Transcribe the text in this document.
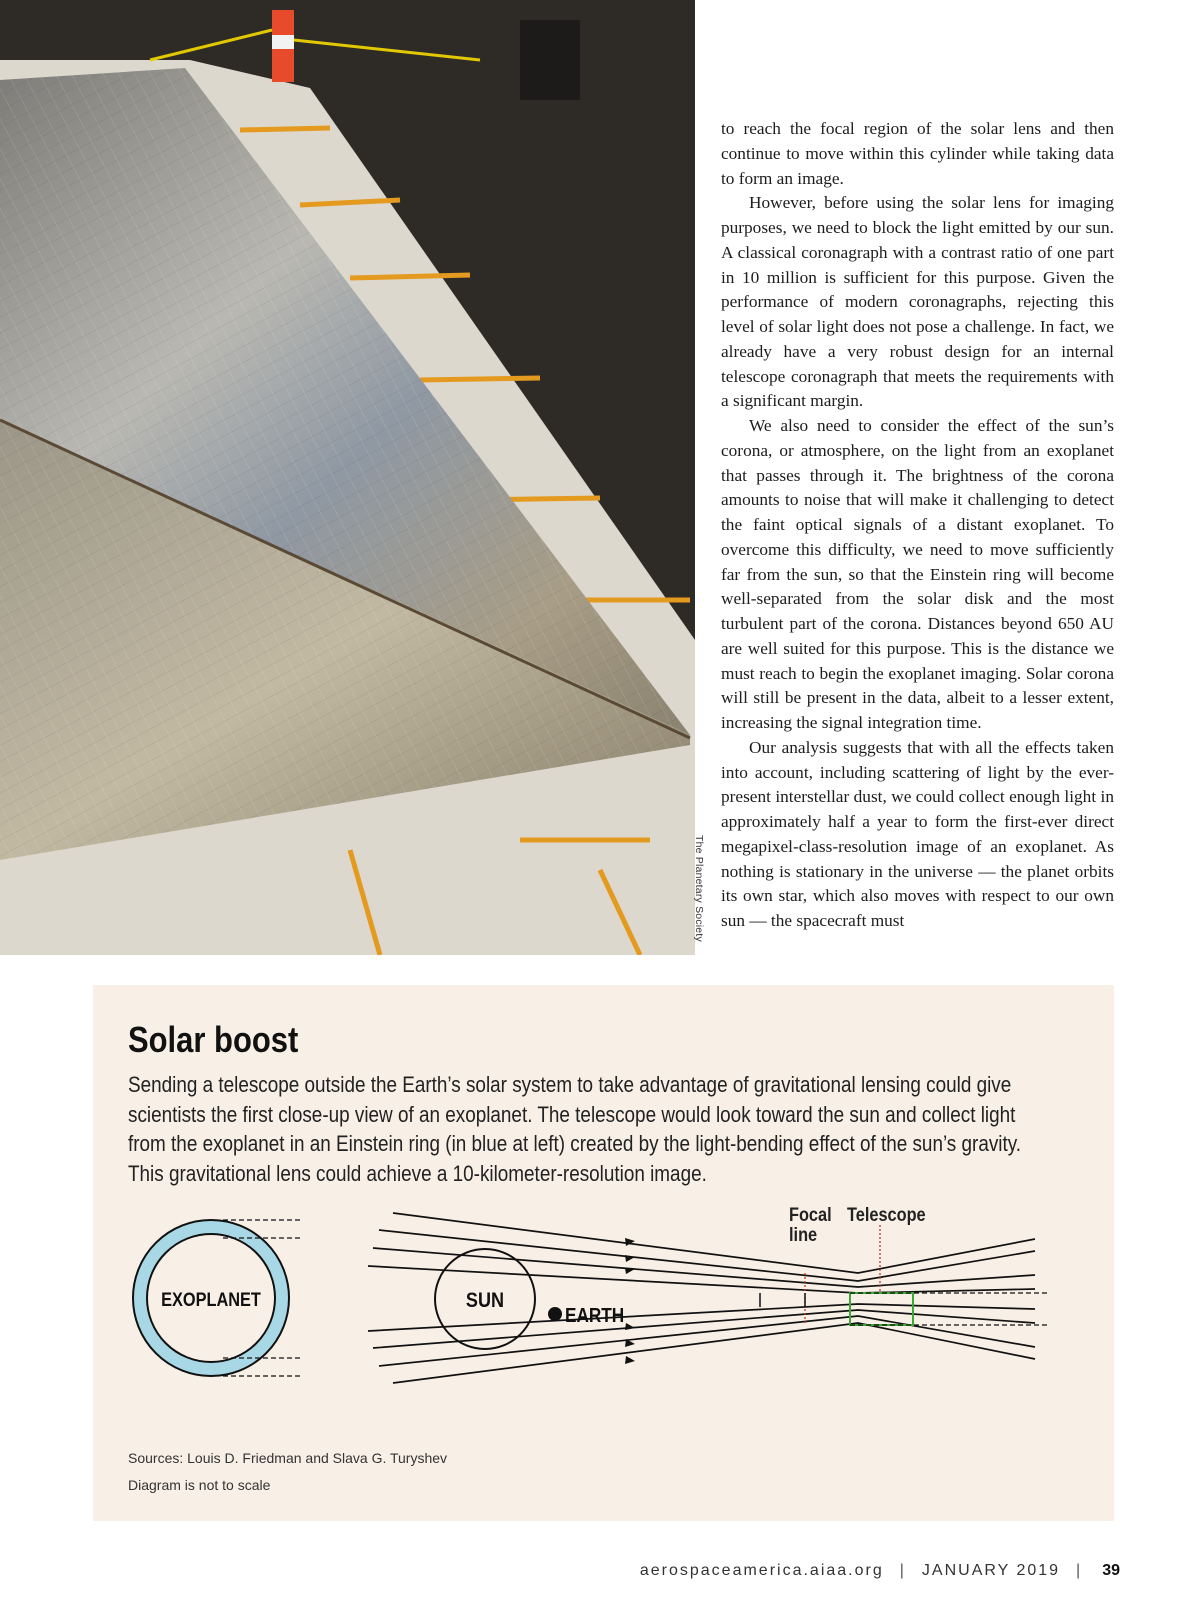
The Planetary Society

to reach the focal region of the solar lens and then continue to move within this cylinder while taking data to form an image.

However, before using the solar lens for imaging purposes, we need to block the light emitted by our sun. A classical coronagraph with a contrast ratio of one part in 10 million is sufficient for this purpose. Given the performance of modern coronagraphs, rejecting this level of solar light does not pose a challenge. In fact, we already have a very robust design for an internal telescope coronagraph that meets the requirements with a significant margin.

We also need to consider the effect of the sun’s corona, or atmosphere, on the light from an exoplanet that passes through it. The brightness of the corona amounts to noise that will make it challenging to detect the faint optical signals of a distant exoplanet. To overcome this difficulty, we need to move sufficiently far from the sun, so that the Einstein ring will become well-separated from the solar disk and the most turbulent part of the corona. Distances beyond 650 AU are well suited for this purpose. This is the distance we must reach to begin the exoplanet imaging. Solar corona will still be present in the data, albeit to a lesser extent, increasing the signal integration time.

Our analysis suggests that with all the effects taken into account, including scattering of light by the ever-present interstellar dust, we could collect enough light in approximately half a year to form the first-ever direct megapixel-class-resolution image of an exoplanet. As nothing is stationary in the universe — the planet orbits its own star, which also moves with respect to our own sun — the spacecraft must

Solar boost

Sending a telescope outside the Earth’s solar system to take advantage of gravitational lensing could give scientists the first close-up view of an exoplanet. The telescope would look toward the sun and collect light from the exoplanet in an Einstein ring (in blue at left) created by the light-bending effect of the sun’s gravity. This gravitational lens could achieve a 10-kilometer-resolution image.

EXOPLANET	SUN
EARTH
Focal
line
Telescope

Sources: Louis D. Friedman and Slava G. Turyshev

Diagram is not to scale

aerospaceamerica.aiaa.org | JANUARY 2019 | 39
